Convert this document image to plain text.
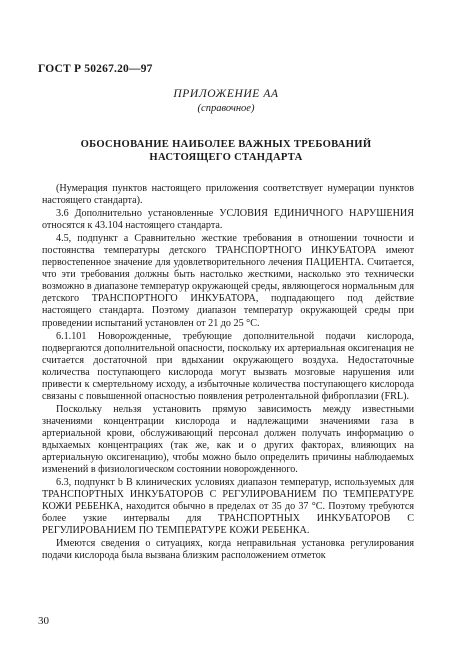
ГОСТ Р 50267.20—97
ПРИЛОЖЕНИЕ АА
(справочное)
ОБОСНОВАНИЕ НАИБОЛЕЕ ВАЖНЫХ ТРЕБОВАНИЙ
НАСТОЯЩЕГО СТАНДАРТА

(Нумерация пунктов настоящего приложения соответствует нумерации пунктов настоящего стандарта).

3.6 Дополнительно установленные УСЛОВИЯ ЕДИНИЧНОГО НАРУШЕНИЯ относятся к 43.104 настоящего стандарта.

4.5, подпункт а Сравнительно жесткие требования в отношении точности и постоянства температуры детского ТРАНСПОРТНОГО ИНКУБАТОРА имеют первостепенное значение для удовлетворительного лечения ПАЦИЕНТА. Считается, что эти требования должны быть настолько жесткими, насколько это технически возможно в диапазоне температур окружающей среды, являющегося нормальным для детского ТРАНСПОРТНОГО ИНКУБАТОРА, подпадающего под действие настоящего стандарта. Поэтому диапазон температур окружающей среды при проведении испытаний установлен от 21 до 25 °С.

6.1.101 Новорожденные, требующие дополнительной подачи кислорода, подвергаются дополнительной опасности, поскольку их артериальная оксигенация не считается достаточной при вдыхании окружающего воздуха. Недостаточные количества поступающего кислорода могут вызвать мозговые нарушения или привести к смертельному исходу, а избыточные количества поступающего кислорода связаны с повышенной опасностью появления ретролентальной фиброплазии (FRL).

Поскольку нельзя установить прямую зависимость между известными значениями концентрации кислорода и надлежащими значениями газа в артериальной крови, обслуживающий персонал должен получать информацию о вдыхаемых концентрациях (так же, как и о других факторах, влияющих на артериальную оксигенацию), чтобы можно было определить причины наблюдаемых изменений в физиологическом состоянии новорожденного.

6.3, подпункт b В клинических условиях диапазон температур, используемых для ТРАНСПОРТНЫХ ИНКУБАТОРОВ С РЕГУЛИРОВАНИЕМ ПО ТЕМПЕРАТУРЕ КОЖИ РЕБЕНКА, находится обычно в пределах от 35 до 37 °С. Поэтому требуются более узкие интервалы для ТРАНСПОРТНЫХ ИНКУБАТОРОВ С РЕГУЛИРОВАНИЕМ ПО ТЕМПЕРАТУРЕ КОЖИ РЕБЕНКА.

Имеются сведения о ситуациях, когда неправильная установка регулирования подачи кислорода была вызвана близким расположением отметок

30
